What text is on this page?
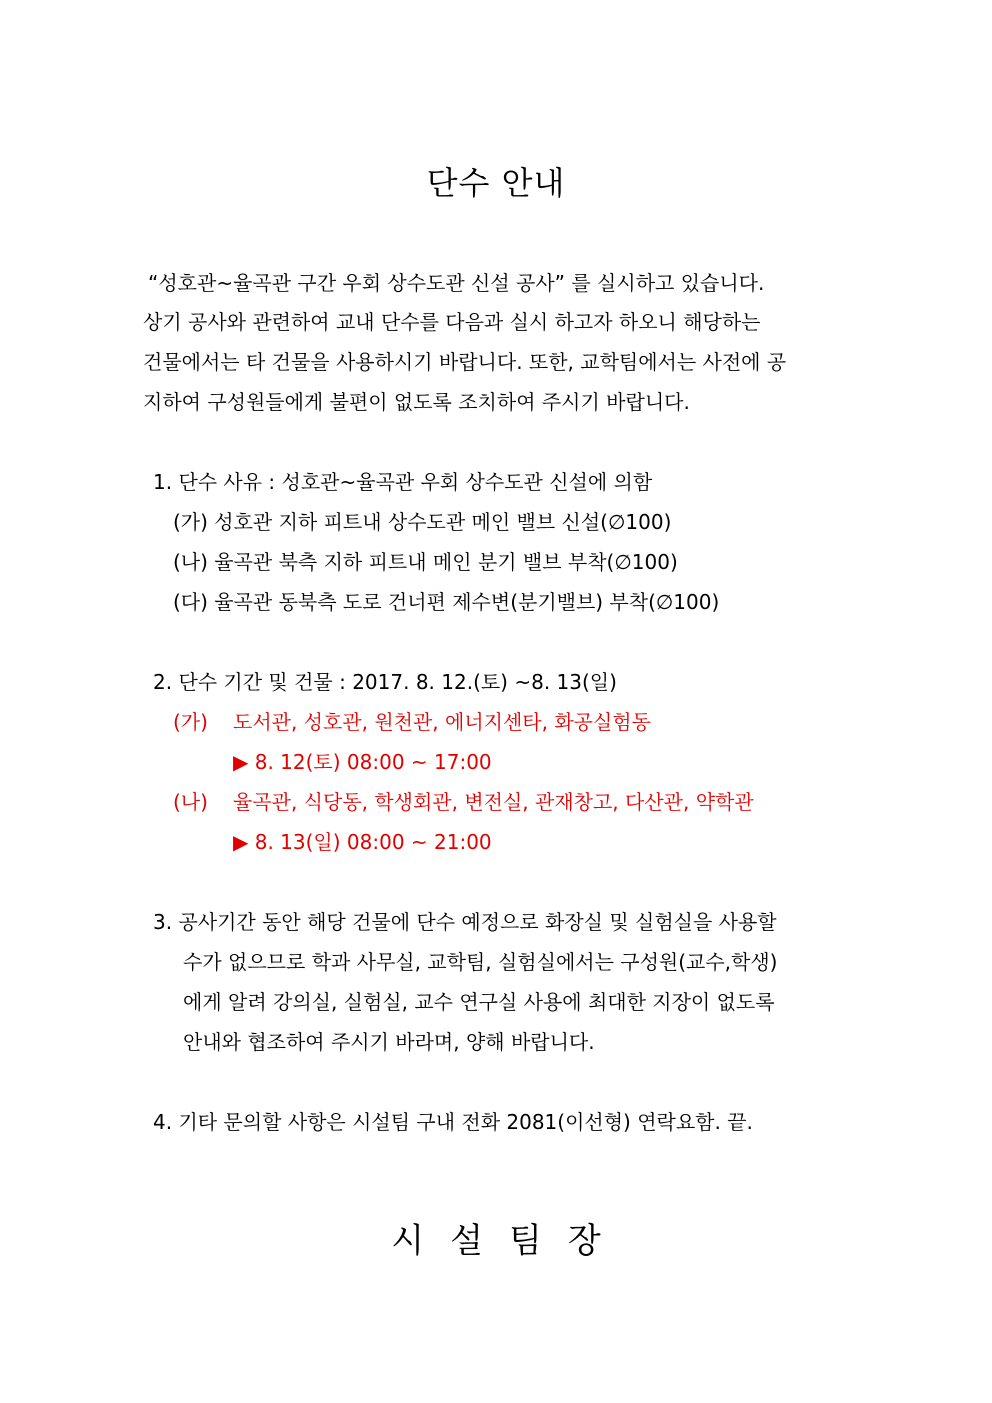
단수 안내
“성호관~율곡관 구간 우회 상수도관 신설 공사” 를 실시하고 있습니다.
상기 공사와 관련하여 교내 단수를 다음과 실시 하고자 하오니 해당하는
건물에서는 타 건물을 사용하시기 바랍니다. 또한, 교학팀에서는 사전에 공
지하여 구성원들에게 불편이 없도록 조치하여 주시기 바랍니다.
1. 단수 사유 : 성호관~율곡관 우회 상수도관 신설에 의함
(가) 성호관 지하 피트내 상수도관 메인 밸브 신설(∅100)
(나) 율곡관 북측 지하 피트내 메인 분기 밸브 부착(∅100)
(다) 율곡관 동북측 도로 건너편 제수변(분기밸브) 부착(∅100)
2. 단수 기간 및 건물 : 2017. 8. 12.(토) ~8. 13(일)
(가) 도서관, 성호관, 원천관, 에너지센타, 화공실험동
▶ 8. 12(토) 08:00 ~ 17:00
(나) 율곡관, 식당동, 학생회관, 변전실, 관재창고, 다산관, 약학관
▶ 8. 13(일) 08:00 ~ 21:00
3. 공사기간 동안 해당 건물에 단수 예정으로 화장실 및 실험실을 사용할
수가 없으므로 학과 사무실, 교학팀, 실험실에서는 구성원(교수,학생)
에게 알려 강의실, 실험실, 교수 연구실 사용에 최대한 지장이 없도록
안내와 협조하여 주시기 바라며, 양해 바랍니다.
4. 기타 문의할 사항은 시설팀 구내 전화 2081(이선형) 연락요함. 끝.
시설팀장
